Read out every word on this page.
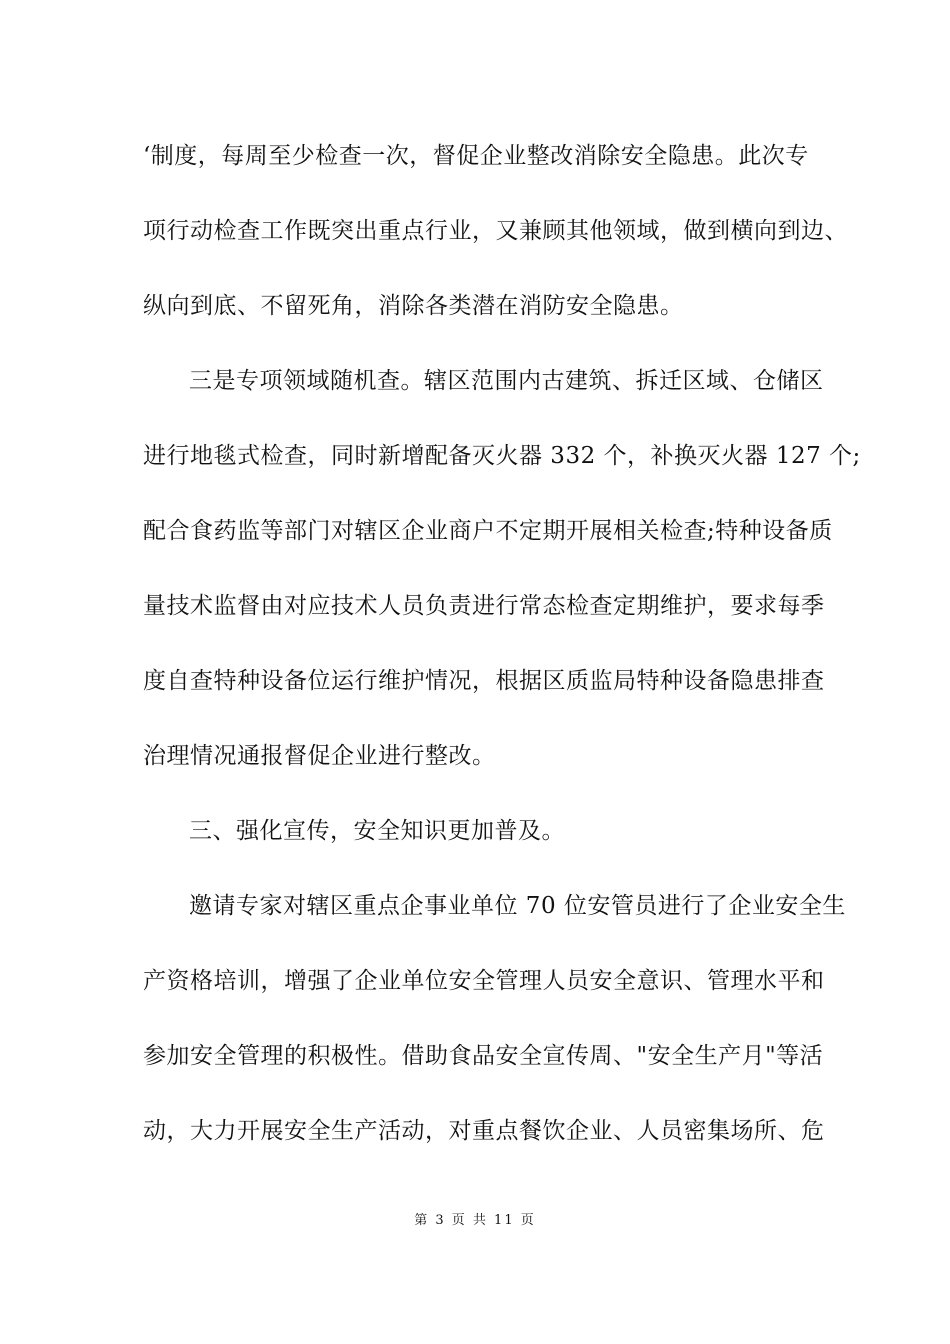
‘制度，每周至少检查一次，督促企业整改消除安全隐患。此次专
项行动检查工作既突出重点行业，又兼顾其他领域，做到横向到边、
纵向到底、不留死角，消除各类潜在消防安全隐患。
三是专项领域随机查。辖区范围内古建筑、拆迁区域、仓储区
进行地毯式检查，同时新增配备灭火器 332 个，补换灭火器 127 个;
配合食药监等部门对辖区企业商户不定期开展相关检查;特种设备质
量技术监督由对应技术人员负责进行常态检查定期维护，要求每季
度自查特种设备位运行维护情况，根据区质监局特种设备隐患排查
治理情况通报督促企业进行整改。
三、强化宣传，安全知识更加普及。
邀请专家对辖区重点企事业单位 70 位安管员进行了企业安全生
产资格培训，增强了企业单位安全管理人员安全意识、管理水平和
参加安全管理的积极性。借助食品安全宣传周、"安全生产月"等活
动，大力开展安全生产活动，对重点餐饮企业、人员密集场所、危
第 3 页 共 11 页
